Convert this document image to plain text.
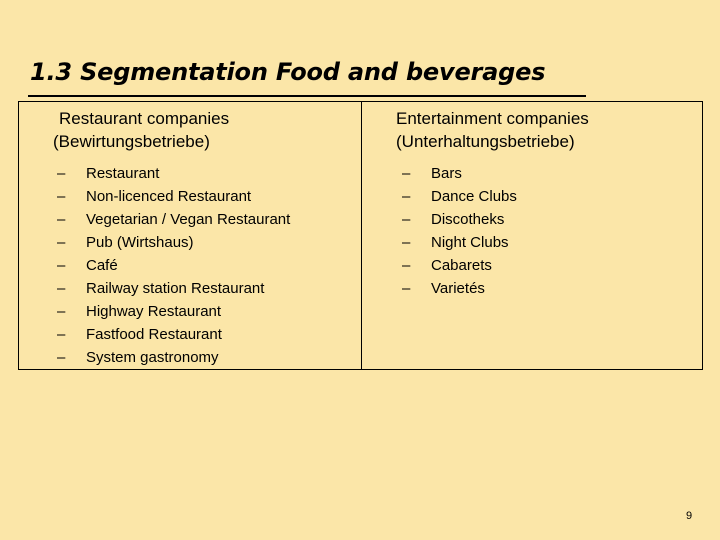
1.3 Segmentation Food and beverages
Restaurant companies
(Bewirtungsbetriebe)
Entertainment companies
(Unterhaltungsbetriebe)
–	Restaurant
–	Non-licenced Restaurant
–	Vegetarian / Vegan Restaurant
–	Pub (Wirtshaus)
–	Café
–	Railway station Restaurant
–	Highway Restaurant
–	Fastfood Restaurant
–	System gastronomy
–	Bars
–	Dance Clubs
–	Discotheks
–	Night Clubs
–	Cabarets
–	Varietés
9
